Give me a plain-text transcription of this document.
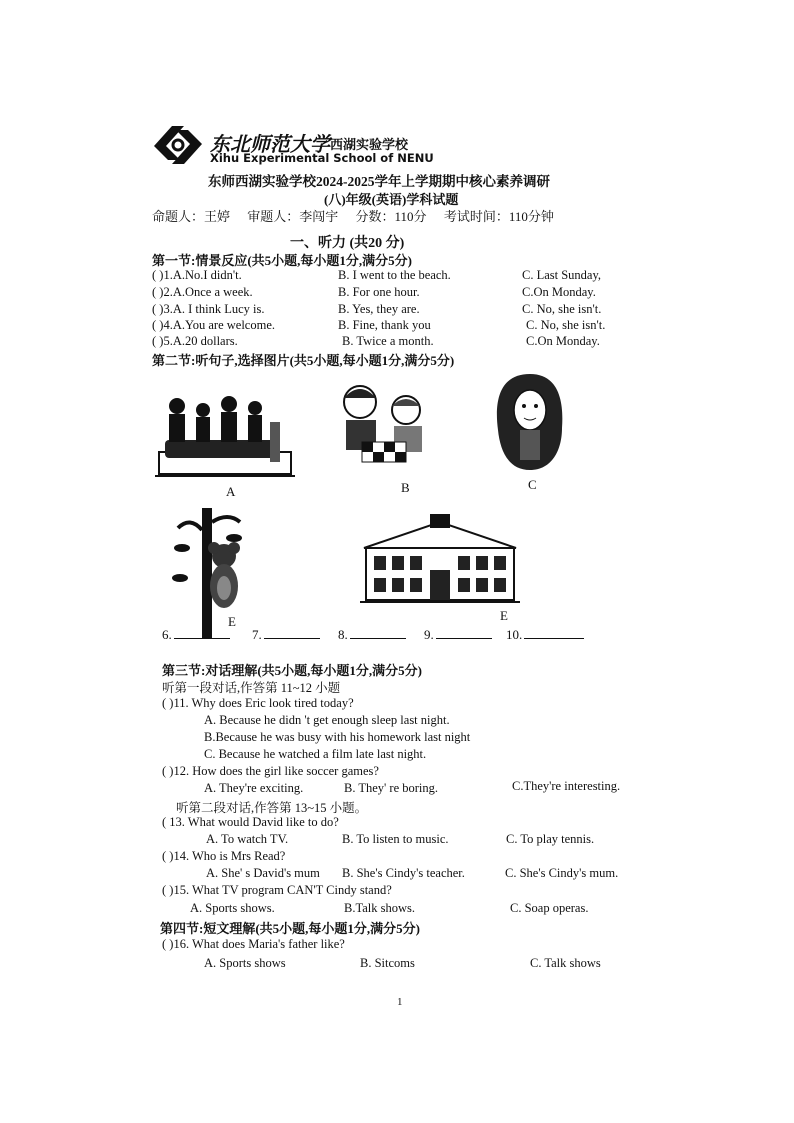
东北师范大学 西湖实验学校
Xihu Experimental School of NENU
东师西湖实验学校2024-2025学年上学期期中核心素养调研
(八)年级(英语)学科试题
命题人：王婷 审题人：李闯宇 分数：110分 考试时间：110分钟
一、听力 (共20 分)
第一节:情景反应(共5小题,每小题1分,满分5分)
( )1.A.No.I didn't.	B. I went to the beach.	C. Last Sunday,
( )2.A.Once a week.	B. For one hour.	C.On Monday.
( )3.A. I think Lucy is.	B. Yes, they are.	C. No, she isn't.
( )4.A.You are welcome.	B. Fine, thank you	C. No, she isn't.
( )5.A.20 dollars.	B. Twice a month.	C.On Monday.
第二节:听句子,选择图片(共5小题,每小题1分,满分5分)
A	B	C
E	E
6.	7.	8.	9.	10.
第三节:对话理解(共5小题,每小题1分,满分5分)
听第一段对话,作答第 11~12 小题
( )11. Why does Eric look tired today?
A. Because he didn 't get enough sleep last night.
B.Because he was busy with his homework last night
C. Because he watched a film late last night.
( )12. How does the girl like soccer games?
A. They're exciting.	B. They' re boring.	C.They're interesting.
听第二段对话,作答第 13~15 小题。
( 13. What would David like to do?
A. To watch TV.	B. To listen to music.	C. To play tennis.
( )14. Who is Mrs Read?
A. She' s David's mum B. She's Cindy's teacher.	C. She's Cindy's mum.
( )15. What TV program CAN'T Cindy stand?
A. Sports shows.	B.Talk shows.	C. Soap operas.
第四节:短文理解(共5小题,每小题1分,满分5分)
( )16. What does Maria's father like?
A. Sports shows	B. Sitcoms	C. Talk shows
1
